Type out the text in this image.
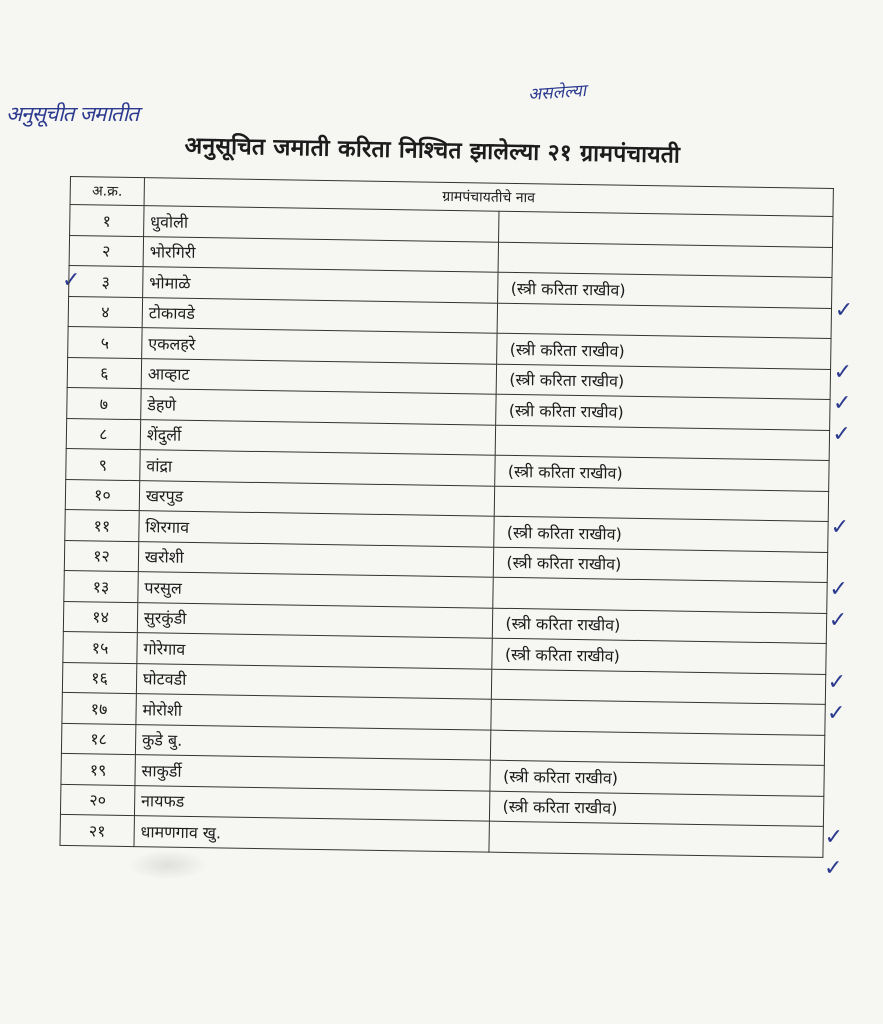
अनुसूचीत जमातीत
असलेल्या
अनुसूचित जमाती करिता निश्चित झालेल्या २१ ग्रामपंचायती
✓
अ.क्र.	ग्रामपंचायतीचे नाव	
१	धुवोली	
२	भोरगिरी	
३	भोमाळे	(स्त्री करिता राखीव)
४	टोकावडे	
५	एकलहरे	(स्त्री करिता राखीव)
६	आव्हाट	(स्त्री करिता राखीव)
७	डेहणे	(स्त्री करिता राखीव)
८	शेंदुर्ली	
९	वांद्रा	(स्त्री करिता राखीव)
१०	खरपुड	
११	शिरगाव	(स्त्री करिता राखीव)
१२	खरोशी	(स्त्री करिता राखीव)
१३	परसुल	
१४	सुरकुंडी	(स्त्री करिता राखीव)
१५	गोरेगाव	(स्त्री करिता राखीव)
१६	घोटवडी	
१७	मोरोशी	
१८	कुडे बु.	
१९	साकुर्डी	(स्त्री करिता राखीव)
२०	नायफड	(स्त्री करिता राखीव)
२१	धामणगाव खु.	
✓
✓
✓
✓
✓
✓
✓
✓
✓
✓
✓
